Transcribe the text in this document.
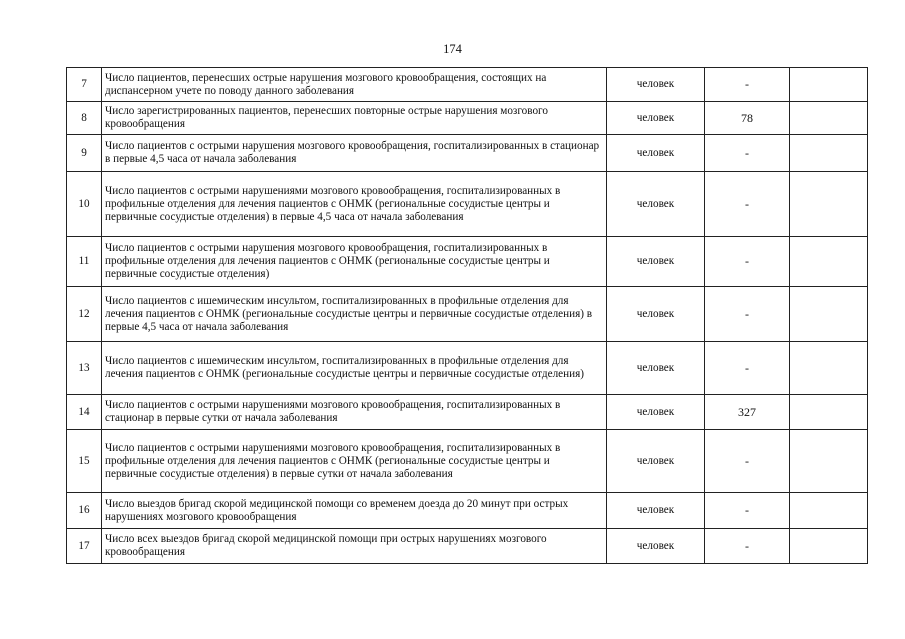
174
7	Число пациентов, перенесших острые нарушения мозгового кровообращения, состоящих на диспансерном учете по поводу данного заболевания	человек	-	
8	Число зарегистрированных пациентов, перенесших повторные острые нарушения мозгового кровообращения	человек	78	
9	Число пациентов с острыми нарушения мозгового кровообращения, госпитализированных в стационар в первые 4,5 часа от начала заболевания	человек	-	
10	Число пациентов с острыми нарушениями мозгового кровообращения, госпитализированных в профильные отделения для лечения пациентов с ОНМК (региональные сосудистые центры и первичные сосудистые отделения) в первые 4,5 часа от начала заболевания	человек	-	
11	Число пациентов с острыми нарушения мозгового кровообращения, госпитализированных в профильные отделения для лечения пациентов с ОНМК (региональные сосудистые центры и первичные сосудистые отделения)	человек	-	
12	Число пациентов с ишемическим инсультом, госпитализированных в профильные отделения для лечения пациентов с ОНМК (региональные сосудистые центры и первичные сосудистые отделения) в первые 4,5 часа от начала заболевания	человек	-	
13	Число пациентов с ишемическим инсультом, госпитализированных в профильные отделения для лечения пациентов с ОНМК (региональные сосудистые центры и первичные сосудистые отделения)	человек	-	
14	Число пациентов с острыми нарушениями мозгового кровообращения, госпитализированных в стационар в первые сутки от начала заболевания	человек	327	
15	Число пациентов с острыми нарушениями мозгового кровообращения, госпитализированных в профильные отделения для лечения пациентов с ОНМК (региональные сосудистые центры и первичные сосудистые отделения) в первые сутки от начала заболевания	человек	-	
16	Число выездов бригад скорой медицинской помощи со временем доезда до 20 минут при острых нарушениях мозгового кровообращения	человек	-	
17	Число всех выездов бригад скорой медицинской помощи при острых нарушениях мозгового кровообращения	человек	-	
